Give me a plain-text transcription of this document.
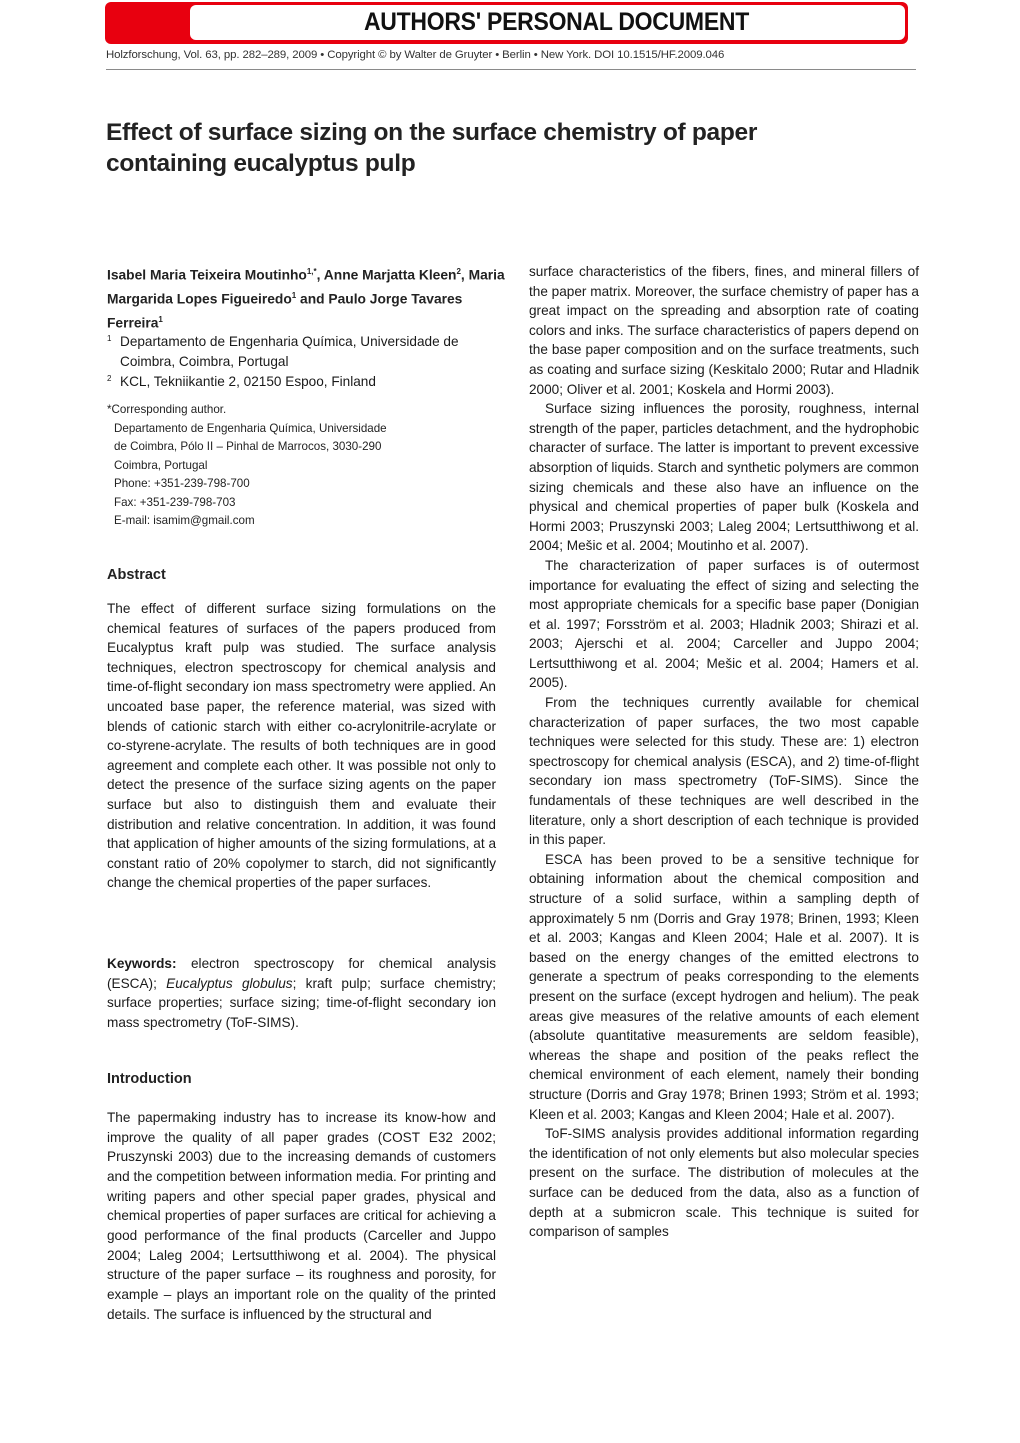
AUTHORS' PERSONAL DOCUMENT
Holzforschung, Vol. 63, pp. 282–289, 2009 • Copyright © by Walter de Gruyter • Berlin • New York. DOI 10.1515/HF.2009.046
Effect of surface sizing on the surface chemistry of paper containing eucalyptus pulp
Isabel Maria Teixeira Moutinho$^{1,*}$, Anne Marjatta Kleen$^2$, Maria Margarida Lopes Figueiredo$^1$ and Paulo Jorge Tavares Ferreira$^1$
1 Departamento de Engenharia Química, Universidade de Coimbra, Coimbra, Portugal
2 KCL, Tekniikantie 2, 02150 Espoo, Finland
*Corresponding author.
Departamento de Engenharia Química, Universidade
de Coimbra, Pólo II – Pinhal de Marrocos, 3030-290
Coimbra, Portugal
Phone: +351-239-798-700
Fax: +351-239-798-703
E-mail: isamim@gmail.com
Abstract

The effect of different surface sizing formulations on the chemical features of surfaces of the papers produced from Eucalyptus kraft pulp was studied. The surface analysis techniques, electron spectroscopy for chemical analysis and time-of-flight secondary ion mass spectrometry were applied. An uncoated base paper, the reference material, was sized with blends of cationic starch with either co-acrylonitrile-acrylate or co-styrene-acrylate. The results of both techniques are in good agreement and complete each other. It was possible not only to detect the presence of the surface sizing agents on the paper surface but also to distinguish them and evaluate their distribution and relative concentration. In addition, it was found that application of higher amounts of the sizing formulations, at a constant ratio of 20% copolymer to starch, did not significantly change the chemical properties of the paper surfaces.

Keywords: electron spectroscopy for chemical analysis (ESCA); Eucalyptus globulus; kraft pulp; surface chemistry; surface properties; surface sizing; time-of-flight secondary ion mass spectrometry (ToF-SIMS).

Introduction

The papermaking industry has to increase its know-how and improve the quality of all paper grades (COST E32 2002; Pruszynski 2003) due to the increasing demands of customers and the competition between information media. For printing and writing papers and other special paper grades, physical and chemical properties of paper surfaces are critical for achieving a good performance of the final products (Carceller and Juppo 2004; Laleg 2004; Lertsutthiwong et al. 2004). The physical structure of the paper surface – its roughness and porosity, for example – plays an important role on the quality of the printed details. The surface is influenced by the structural and

surface characteristics of the fibers, fines, and mineral fillers of the paper matrix. Moreover, the surface chemistry of paper has a great impact on the spreading and absorption rate of coating colors and inks. The surface characteristics of papers depend on the base paper composition and on the surface treatments, such as coating and surface sizing (Keskitalo 2000; Rutar and Hladnik 2000; Oliver et al. 2001; Koskela and Hormi 2003).

Surface sizing influences the porosity, roughness, internal strength of the paper, particles detachment, and the hydrophobic character of surface. The latter is important to prevent excessive absorption of liquids. Starch and synthetic polymers are common sizing chemicals and these also have an influence on the physical and chemical properties of paper bulk (Koskela and Hormi 2003; Pruszynski 2003; Laleg 2004; Lertsutthiwong et al. 2004; Mešic et al. 2004; Moutinho et al. 2007).

The characterization of paper surfaces is of outermost importance for evaluating the effect of sizing and selecting the most appropriate chemicals for a specific base paper (Donigian et al. 1997; Forsström et al. 2003; Hladnik 2003; Shirazi et al. 2003; Ajerschi et al. 2004; Carceller and Juppo 2004; Lertsutthiwong et al. 2004; Mešic et al. 2004; Hamers et al. 2005).

From the techniques currently available for chemical characterization of paper surfaces, the two most capable techniques were selected for this study. These are: 1) electron spectroscopy for chemical analysis (ESCA), and 2) time-of-flight secondary ion mass spectrometry (ToF-SIMS). Since the fundamentals of these techniques are well described in the literature, only a short description of each technique is provided in this paper.

ESCA has been proved to be a sensitive technique for obtaining information about the chemical composition and structure of a solid surface, within a sampling depth of approximately 5 nm (Dorris and Gray 1978; Brinen, 1993; Kleen et al. 2003; Kangas and Kleen 2004; Hale et al. 2007). It is based on the energy changes of the emitted electrons to generate a spectrum of peaks corresponding to the elements present on the surface (except hydrogen and helium). The peak areas give measures of the relative amounts of each element (absolute quantitative measurements are seldom feasible), whereas the shape and position of the peaks reflect the chemical environment of each element, namely their bonding structure (Dorris and Gray 1978; Brinen 1993; Ström et al. 1993; Kleen et al. 2003; Kangas and Kleen 2004; Hale et al. 2007).

ToF-SIMS analysis provides additional information regarding the identification of not only elements but also molecular species present on the surface. The distribution of molecules at the surface can be deduced from the data, also as a function of depth at a submicron scale. This technique is suited for comparison of samples
